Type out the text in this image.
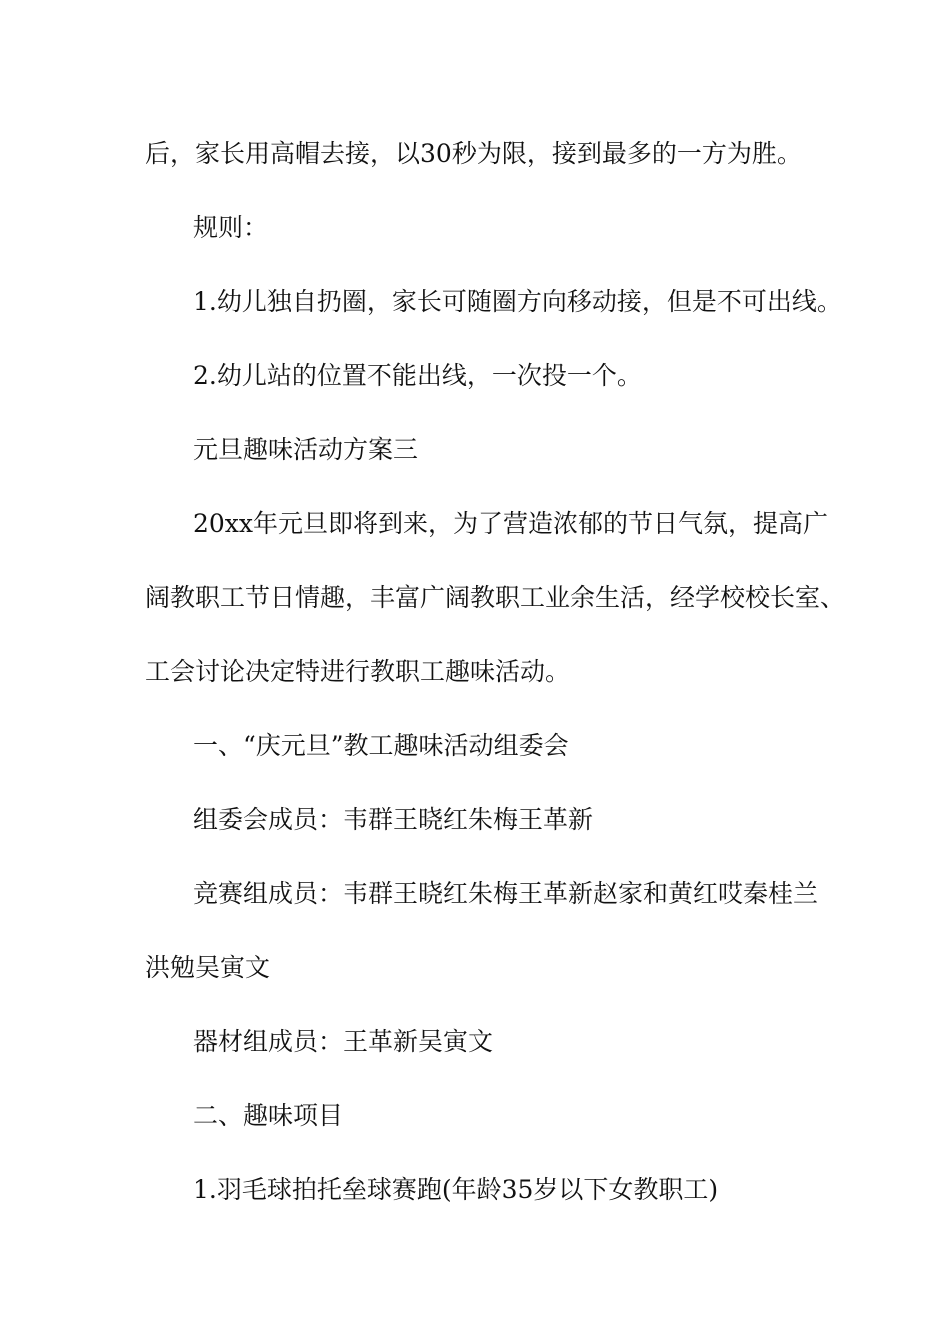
后，家长用高帽去接，以30秒为限，接到最多的一方为胜。
规则：
1.幼儿独自扔圈，家长可随圈方向移动接，但是不可出线。
2.幼儿站的位置不能出线，一次投一个。
元旦趣味活动方案三
20xx年元旦即将到来，为了营造浓郁的节日气氛，提高广
阔教职工节日情趣，丰富广阔教职工业余生活，经学校校长室、
工会讨论决定特进行教职工趣味活动。
一、“庆元旦”教工趣味活动组委会
组委会成员：韦群王晓红朱梅王革新
竞赛组成员：韦群王晓红朱梅王革新赵家和黄红哎秦桂兰
洪勉吴寅文
器材组成员：王革新吴寅文
二、趣味项目
1.羽毛球拍托垒球赛跑(年龄35岁以下女教职工)
